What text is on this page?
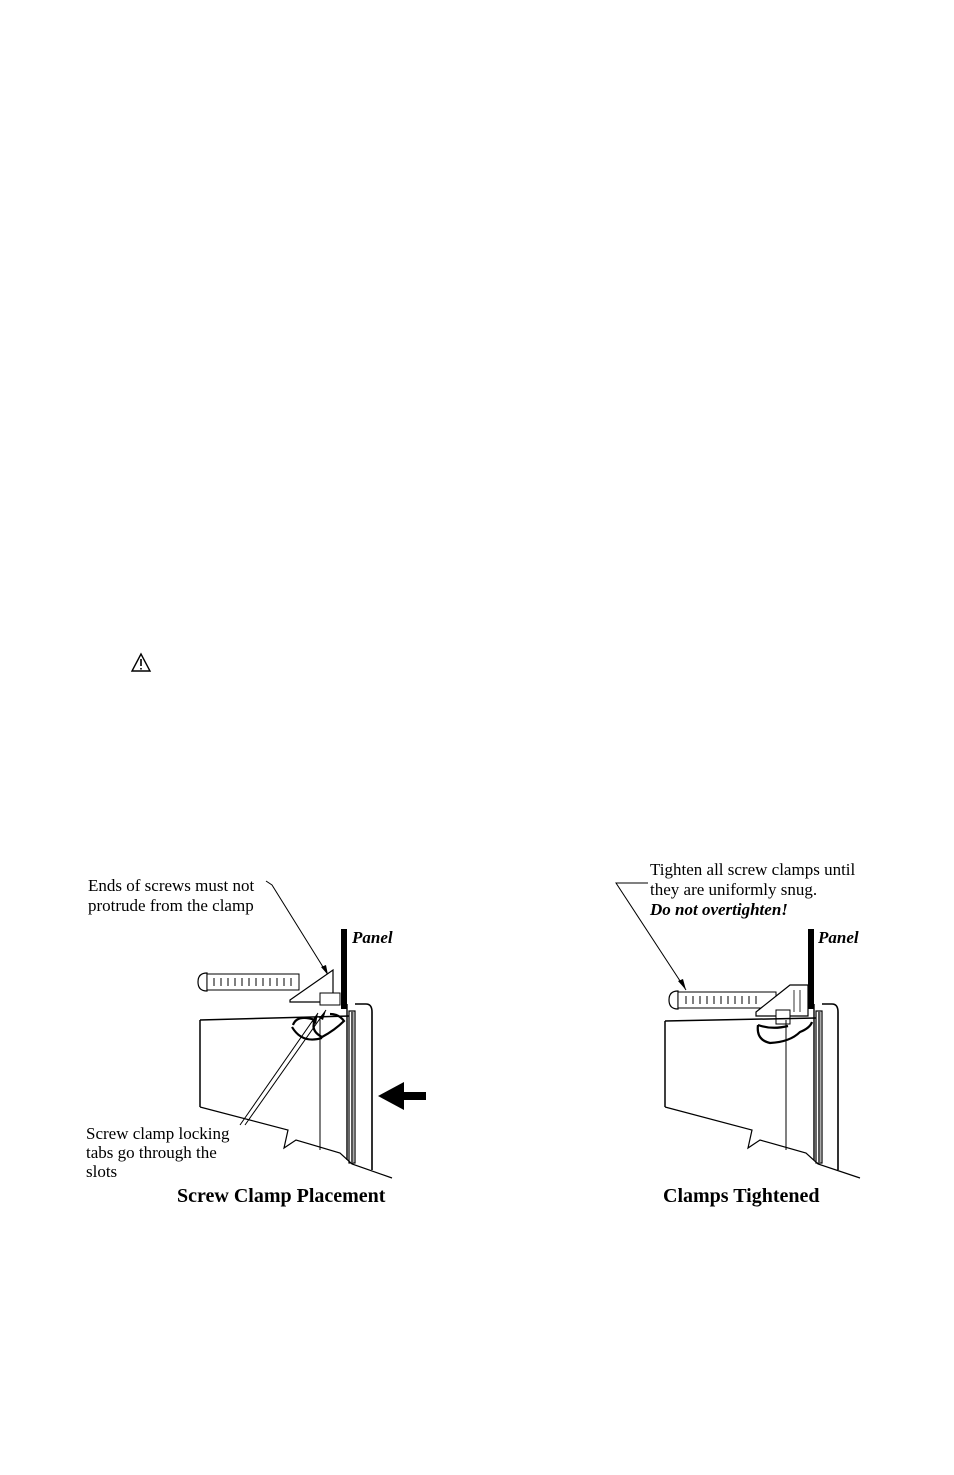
Ends of screws must not
protrude from the clamp
Panel
Screw clamp locking
tabs go through the
slots
Screw Clamp Placement
Tighten all screw clamps until
they are uniformly snug.
Do not overtighten!
Panel
Clamps Tightened
